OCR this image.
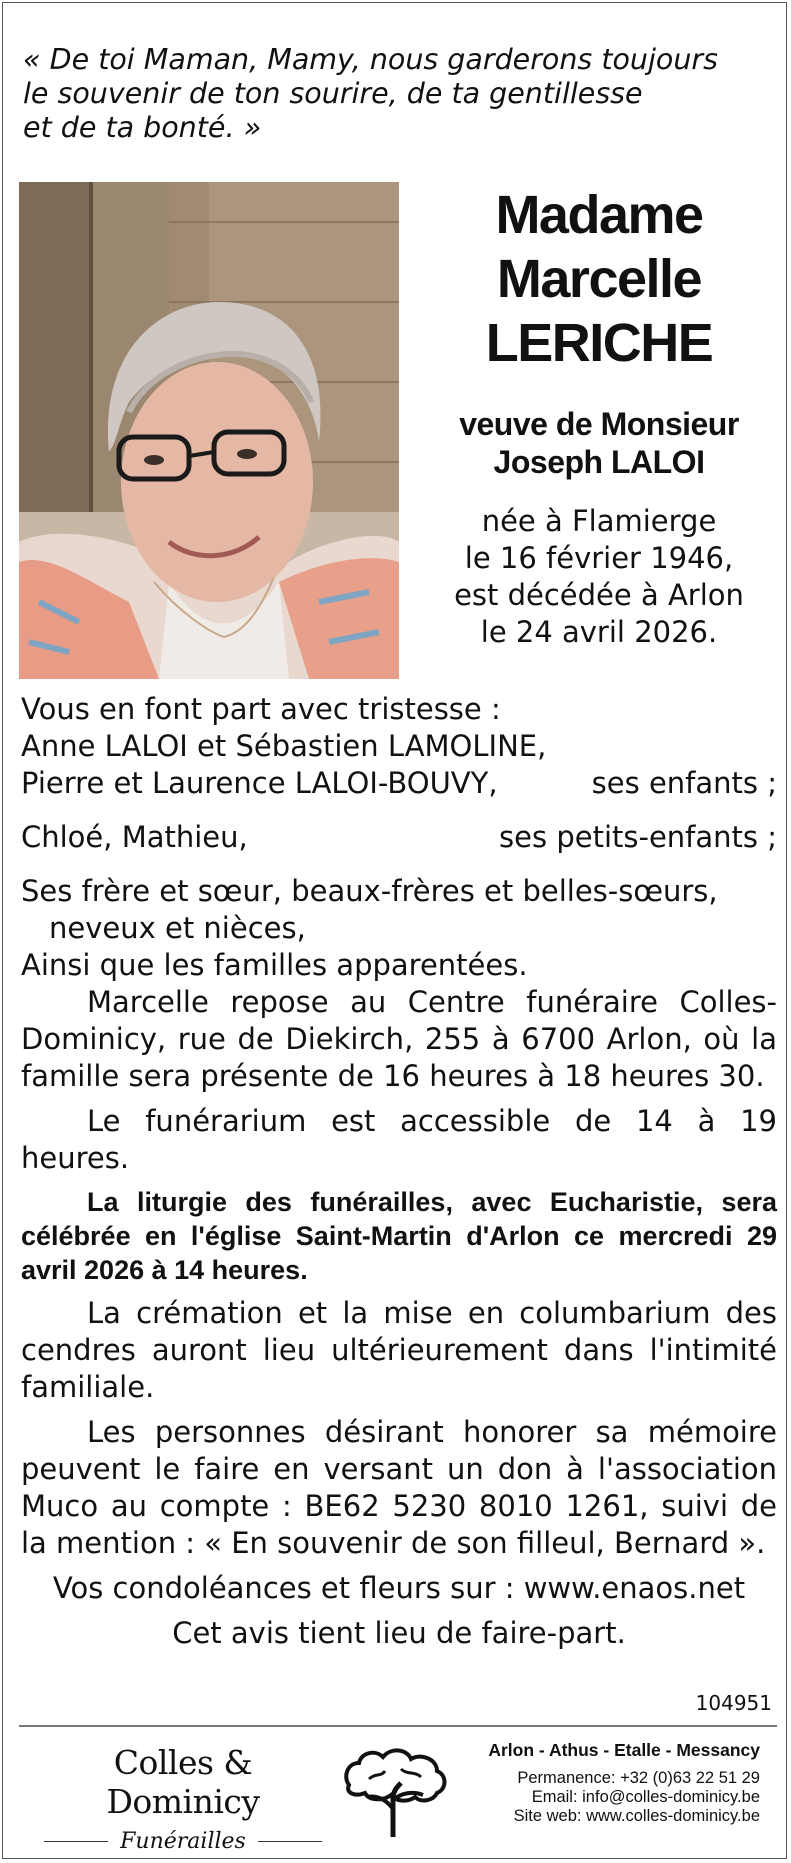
« De toi Maman, Mamy, nous garderons toujours
le souvenir de ton sourire, de ta gentillesse
et de ta bonté. »
Madame
Marcelle
LERICHE
veuve de Monsieur
Joseph LALOI
née à Flamierge
le 16 février 1946,
est décédée à Arlon
le 24 avril 2026.
Vous en font part avec tristesse :
Anne LALOI et Sébastien LAMOLINE,
Pierre et Laurence LALOI-BOUVY,	ses enfants ;
Chloé, Mathieu,	ses petits-enfants ;
Ses frère et sœur, beaux-frères et belles-sœurs,
neveux et nièces,
Ainsi que les familles apparentées.
Marcelle repose au Centre funéraire Colles-Dominicy, rue de Diekirch, 255 à 6700 Arlon, où la famille sera présente de 16 heures à 18 heures 30.
Le funérarium est accessible de 14 à 19 heures.
La liturgie des funérailles, avec Eucharistie, sera célébrée en l'église Saint-Martin d'Arlon ce mercredi 29 avril 2026 à 14 heures.
La crémation et la mise en columbarium des cendres auront lieu ultérieurement dans l'intimité familiale.
Les personnes désirant honorer sa mémoire peuvent le faire en versant un don à l'association Muco au compte : BE62 5230 8010 1261, suivi de la mention : « En souvenir de son filleul, Bernard ».
Vos condoléances et fleurs sur : www.enaos.net
Cet avis tient lieu de faire-part.
104951
Colles & Dominicy
Funérailles
Arlon - Athus - Etalle - Messancy
Permanence: +32 (0)63 22 51 29
Email: info@colles-dominicy.be
Site web: www.colles-dominicy.be
